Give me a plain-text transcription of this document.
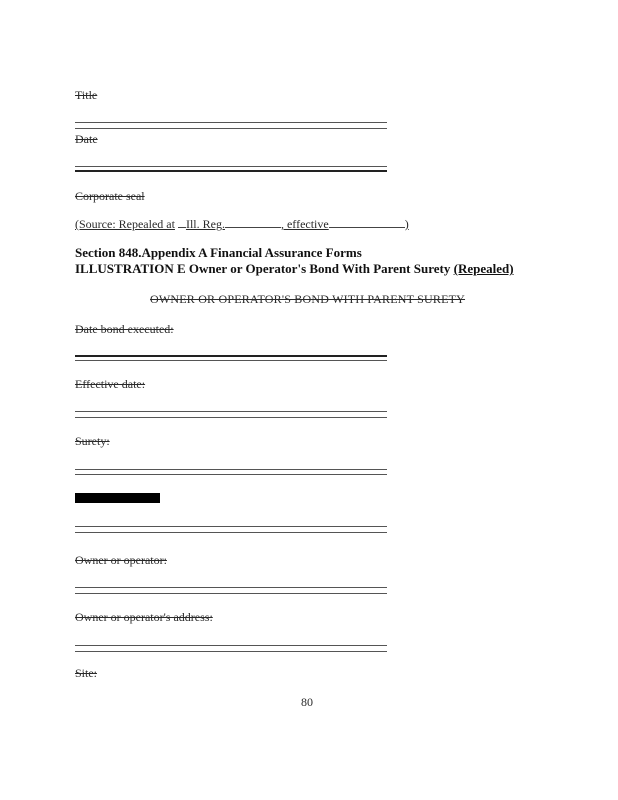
Title
Date
Corporate seal
(Source: Repealed at Ill. Reg.	, effective	)
Section 848.Appendix A Financial Assurance Forms
ILLUSTRATION E Owner or Operator's Bond With Parent Surety (Repealed)
OWNER OR OPERATOR'S BOND WITH PARENT SURETY
Date bond executed:
Effective date:
Surety:
Owner or operator:
Owner or operator's address:
Site:
80
